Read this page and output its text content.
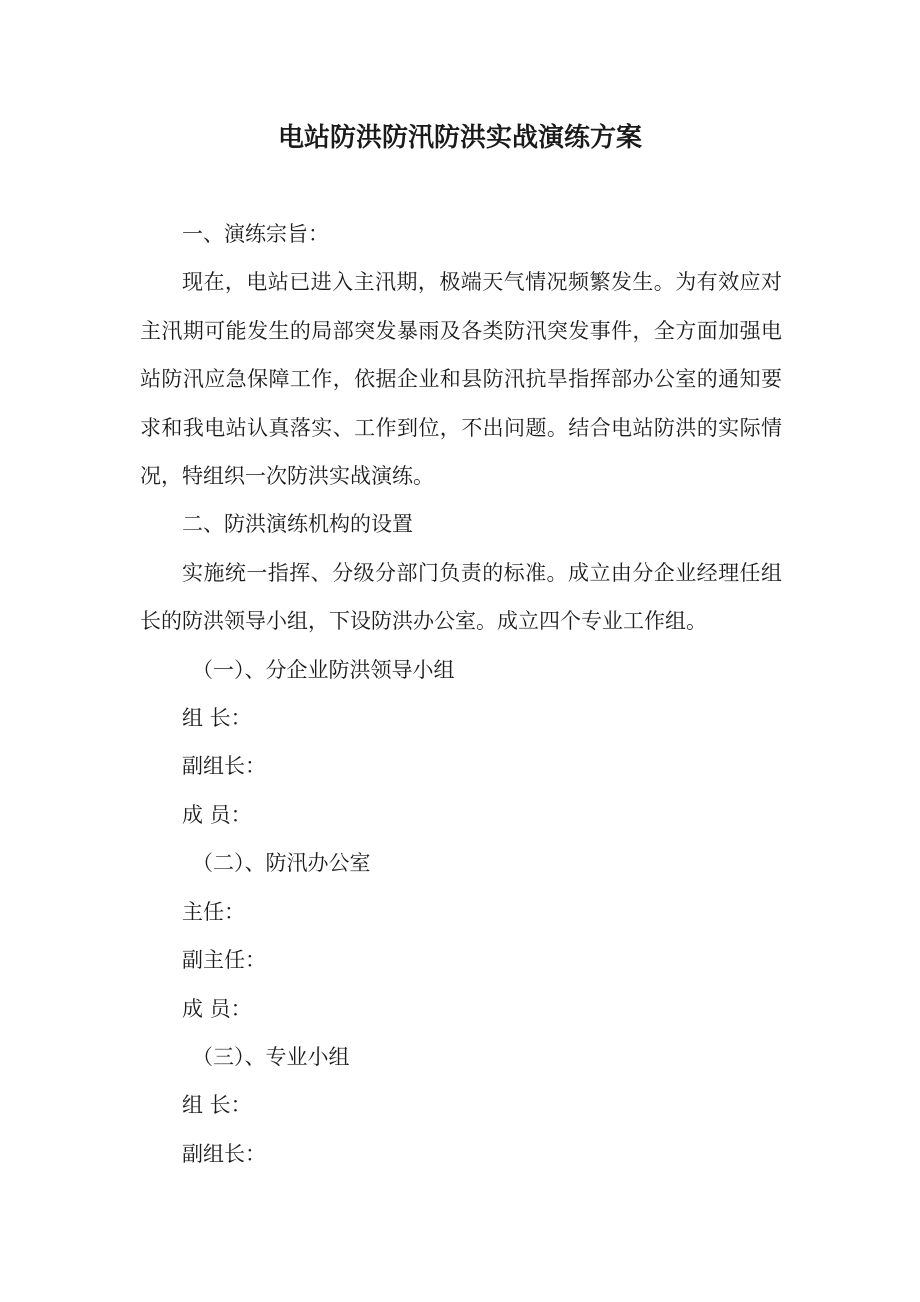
电站防洪防汛防洪实战演练方案

一、演练宗旨：

现在，电站已进入主汛期，极端天气情况频繁发生。为有效应对主汛期可能发生的局部突发暴雨及各类防汛突发事件，全方面加强电站防汛应急保障工作，依据企业和县防汛抗旱指挥部办公室的通知要求和我电站认真落实、工作到位，不出问题。结合电站防洪的实际情况，特组织一次防洪实战演练。

二、防洪演练机构的设置

实施统一指挥、分级分部门负责的标准。成立由分企业经理任组长的防洪领导小组，下设防洪办公室。成立四个专业工作组。

（一）、分企业防洪领导小组

组 长：

副组长：

成 员：

（二）、防汛办公室

主任：

副主任：

成 员：

（三）、专业小组

组 长：

副组长：
